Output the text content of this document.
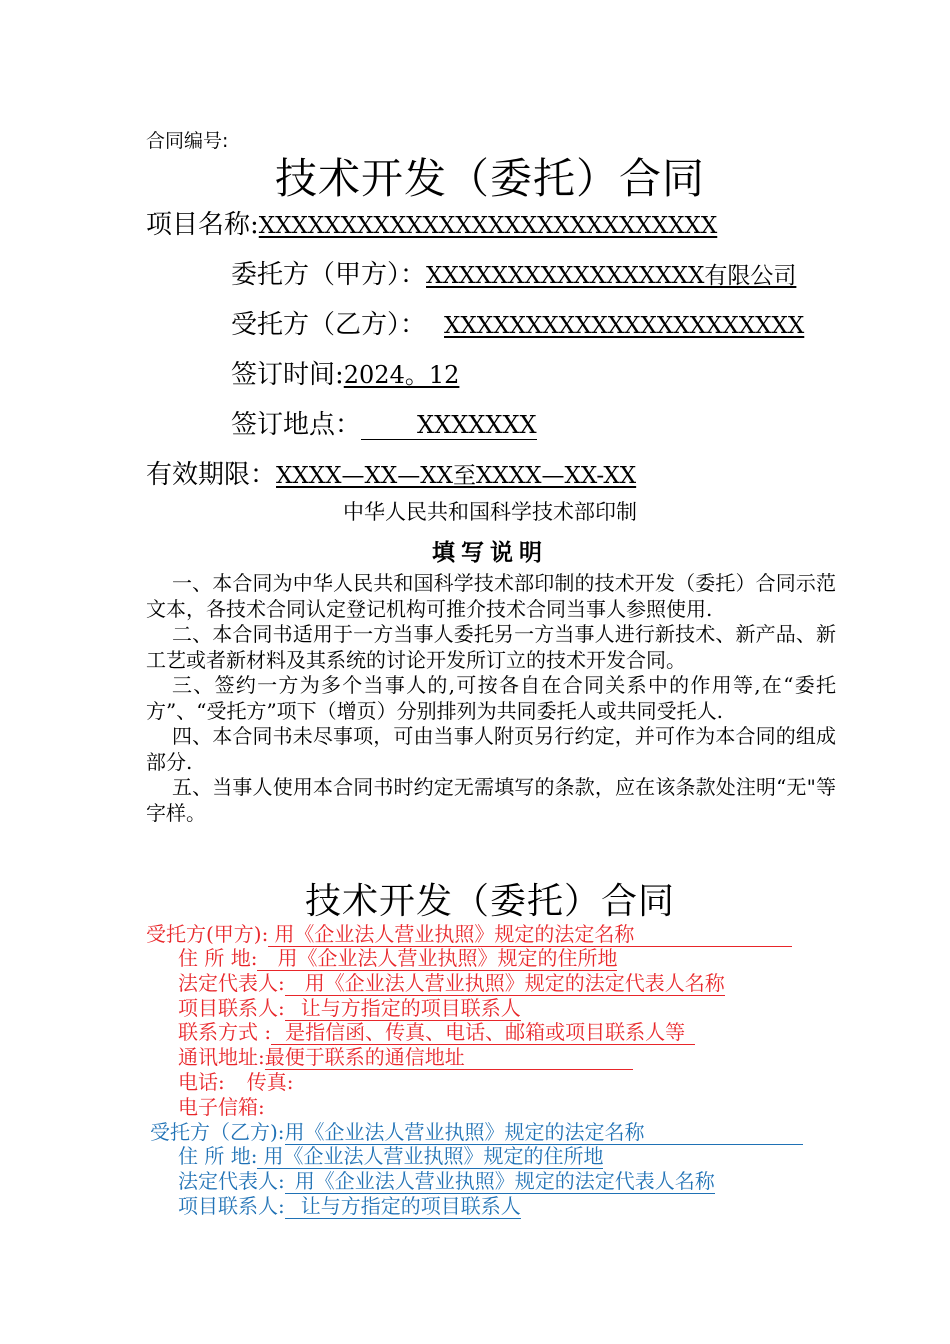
合同编号:
技术开发（委托）合同
项目名称:XXXXXXXXXXXXXXXXXXXXXXXXXXXX
委托方（甲方）：XXXXXXXXXXXXXXXXX有限公司
受托方（乙方）： XXXXXXXXXXXXXXXXXXXXXX
签订时间:2024。12
签订地点： XXXXXXX
有效期限：XXXX—XX—XX至XXXX—XX-XX
中华人民共和国科学技术部印制
填写说明

一、本合同为中华人民共和国科学技术部印制的技术开发（委托）合同示范文本，各技术合同认定登记机构可推介技术合同当事人参照使用.

二、本合同书适用于一方当事人委托另一方当事人进行新技术、新产品、新工艺或者新材料及其系统的讨论开发所订立的技术开发合同。

三、签约一方为多个当事人的,可按各自在合同关系中的作用等,在“委托方”、“受托方”项下（增页）分别排列为共同委托人或共同受托人.

四、本合同书未尽事项，可由当事人附页另行约定，并可作为本合同的组成部分.

五、当事人使用本合同书时约定无需填写的条款，应在该条款处注明“无"等字样。

技术开发（委托）合同
受托方(甲方): 用《企业法人营业执照》规定的法定名称
住 所 地: 用《企业法人营业执照》规定的住所地
法定代表人: 用《企业法人营业执照》规定的法定代表人名称
项目联系人: 让与方指定的项目联系人
联系方式 : 是指信函、传真、电话、邮箱或项目联系人等
通讯地址:最便于联系的通信地址
电话: 传真:
电子信箱:
受托方（乙方):用《企业法人营业执照》规定的法定名称
住 所 地: 用《企业法人营业执照》规定的住所地
法定代表人: 用《企业法人营业执照》规定的法定代表人名称
项目联系人: 让与方指定的项目联系人
